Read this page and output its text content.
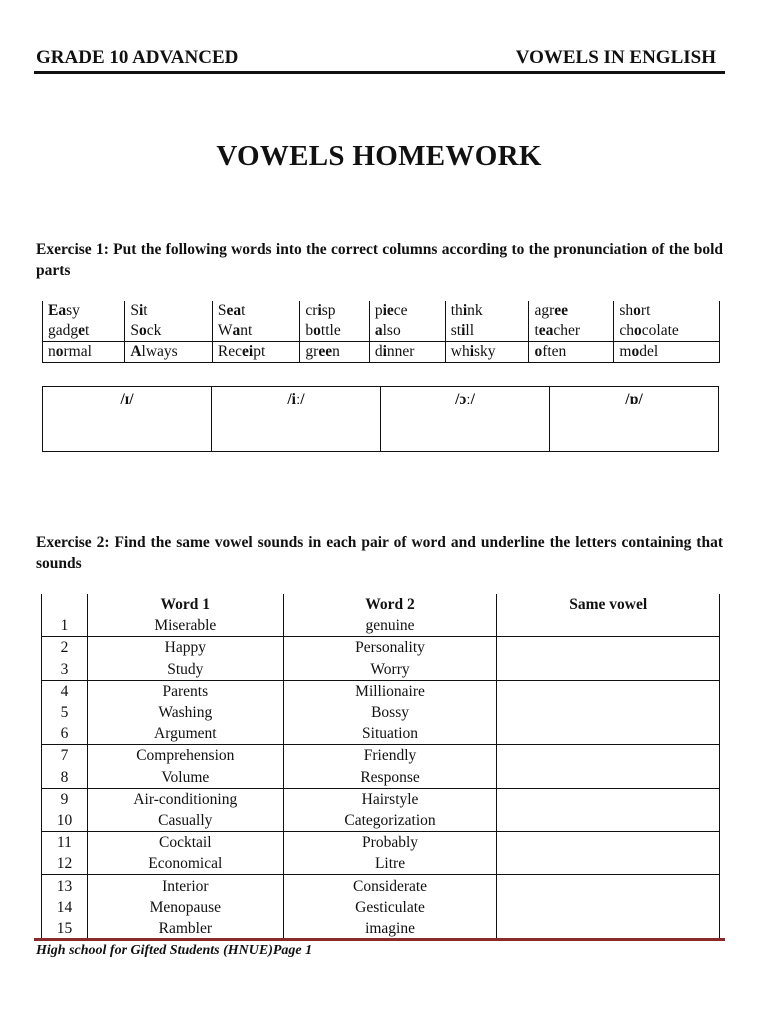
GRADE 10 ADVANCED	VOWELS IN ENGLISH
VOWELS HOMEWORK
Exercise 1: Put the following words into the correct columns according to the pronunciation of the bold parts
Easy	Sit	Seat	crisp	piece	think	agree	short
gadget	Sock	Want	bottle	also	still	teacher	chocolate
normal	Always	Receipt	green	dinner	whisky	often	model
/ɪ/	/iː/	/ɔː/	/ɒ/
Exercise 2: Find the same vowel sounds in each pair of word and underline the letters containing that sounds
	Word 1	Word 2	Same vowel
1	Miserable	genuine	
2	Happy	Personality	
3	Study	Worry	
4	Parents	Millionaire	
5	Washing	Bossy	
6	Argument	Situation	
7	Comprehension	Friendly	
8	Volume	Response	
9	Air-conditioning	Hairstyle	
10	Casually	Categorization	
11	Cocktail	Probably	
12	Economical	Litre	
13	Interior	Considerate	
14	Menopause	Gesticulate	
15	Rambler	imagine	
High school for Gifted Students (HNUE)Page 1
